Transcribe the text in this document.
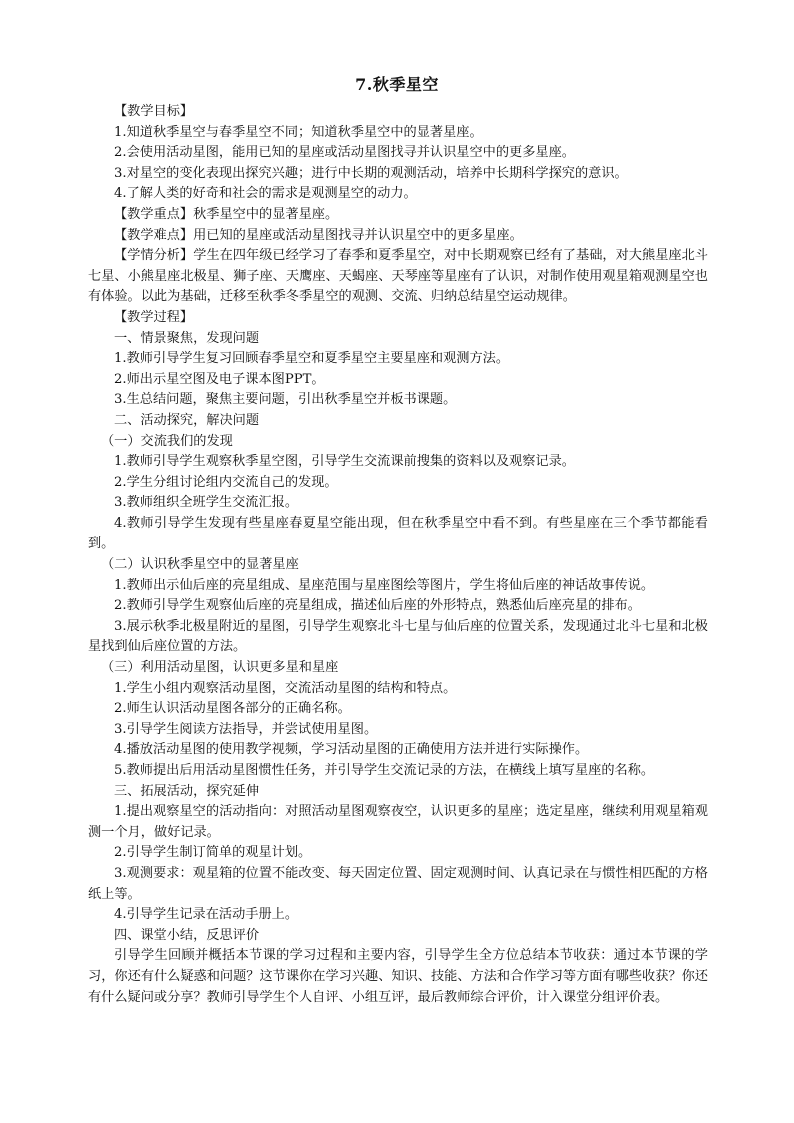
7.秋季星空

【教学目标】

1.知道秋季星空与春季星空不同；知道秋季星空中的显著星座。

2.会使用活动星图，能用已知的星座或活动星图找寻并认识星空中的更多星座。

3.对星空的变化表现出探究兴趣；进行中长期的观测活动，培养中长期科学探究的意识。

4.了解人类的好奇和社会的需求是观测星空的动力。

【教学重点】秋季星空中的显著星座。

【教学难点】用已知的星座或活动星图找寻并认识星空中的更多星座。

【学情分析】学生在四年级已经学习了春季和夏季星空，对中长期观察已经有了基础，对大熊星座北斗七星、小熊星座北极星、狮子座、天鹰座、天蝎座、天琴座等星座有了认识，对制作使用观星箱观测星空也有体验。以此为基础，迁移至秋季冬季星空的观测、交流、归纳总结星空运动规律。

【教学过程】

一、情景聚焦，发现问题

1.教师引导学生复习回顾春季星空和夏季星空主要星座和观测方法。

2.师出示星空图及电子课本图PPT。

3.生总结问题，聚焦主要问题，引出秋季星空并板书课题。

二、活动探究，解决问题

（一）交流我们的发现

1.教师引导学生观察秋季星空图，引导学生交流课前搜集的资料以及观察记录。

2.学生分组讨论组内交流自己的发现。

3.教师组织全班学生交流汇报。

4.教师引导学生发现有些星座春夏星空能出现，但在秋季星空中看不到。有些星座在三个季节都能看到。

（二）认识秋季星空中的显著星座

1.教师出示仙后座的亮星组成、星座范围与星座图绘等图片，学生将仙后座的神话故事传说。

2.教师引导学生观察仙后座的亮星组成，描述仙后座的外形特点，熟悉仙后座亮星的排布。

3.展示秋季北极星附近的星图，引导学生观察北斗七星与仙后座的位置关系，发现通过北斗七星和北极星找到仙后座位置的方法。

（三）利用活动星图，认识更多星和星座

1.学生小组内观察活动星图，交流活动星图的结构和特点。

2.师生认识活动星图各部分的正确名称。

3.引导学生阅读方法指导，并尝试使用星图。

4.播放活动星图的使用教学视频，学习活动星图的正确使用方法并进行实际操作。

5.教师提出后用活动星图惯性任务，并引导学生交流记录的方法，在横线上填写星座的名称。

三、拓展活动，探究延伸

1.提出观察星空的活动指向：对照活动星图观察夜空，认识更多的星座；选定星座，继续利用观星箱观测一个月，做好记录。

2.引导学生制订简单的观星计划。

3.观测要求：观星箱的位置不能改变、每天固定位置、固定观测时间、认真记录在与惯性相匹配的方格纸上等。

4.引导学生记录在活动手册上。

四、课堂小结，反思评价

引导学生回顾并概括本节课的学习过程和主要内容，引导学生全方位总结本节收获：通过本节课的学习，你还有什么疑惑和问题？这节课你在学习兴趣、知识、技能、方法和合作学习等方面有哪些收获？你还有什么疑问或分享？教师引导学生个人自评、小组互评，最后教师综合评价，计入课堂分组评价表。
